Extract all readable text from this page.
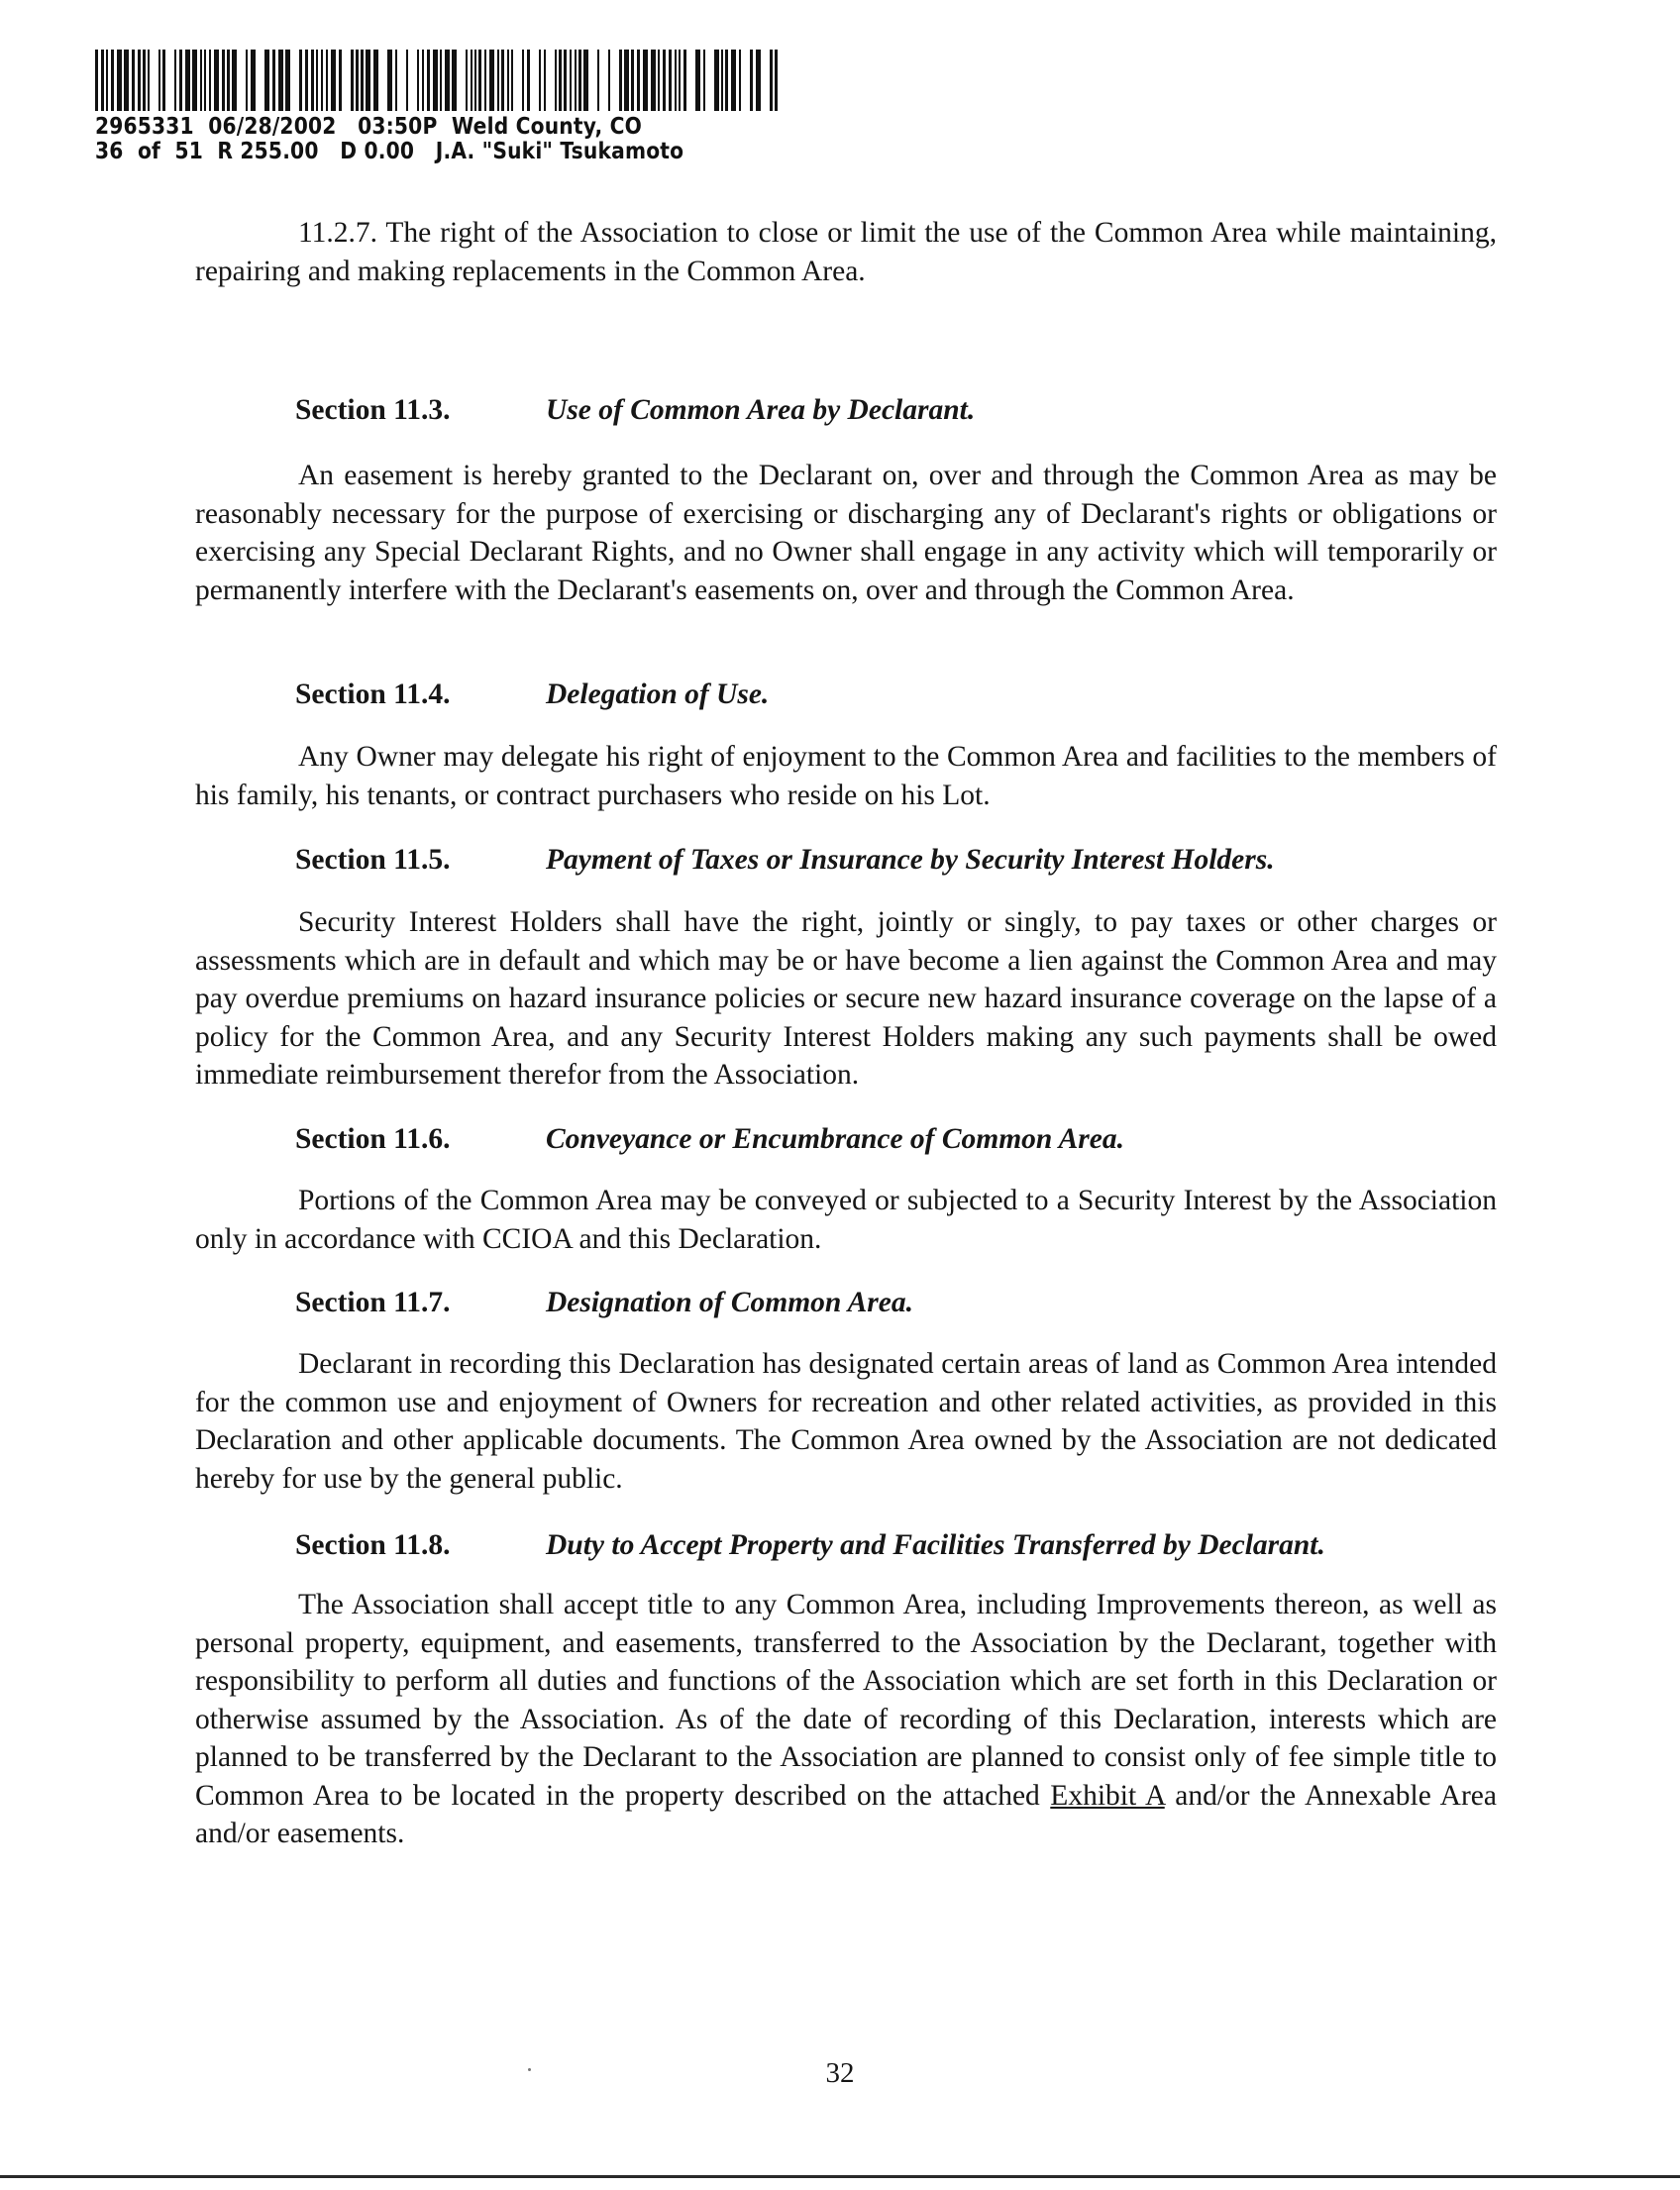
2965331  06/28/2002   03:50P  Weld County, CO
36  of  51  R 255.00   D 0.00   J.A. "Suki" Tsukamoto
11.2.7. The right of the Association to close or limit the use of the Common Area while maintaining, repairing and making replacements in the Common Area.
Section 11.3.	Use of Common Area by Declarant.
An easement is hereby granted to the Declarant on, over and through the Common Area as may be reasonably necessary for the purpose of exercising or discharging any of Declarant's rights or obligations or exercising any Special Declarant Rights, and no Owner shall engage in any activity which will temporarily or permanently interfere with the Declarant's easements on, over and through the Common Area.
Section 11.4.	Delegation of Use.
Any Owner may delegate his right of enjoyment to the Common Area and facilities to the members of his family, his tenants, or contract purchasers who reside on his Lot.
Section 11.5.	Payment of Taxes or Insurance by Security Interest Holders.
Security Interest Holders shall have the right, jointly or singly, to pay taxes or other charges or assessments which are in default and which may be or have become a lien against the Common Area and may pay overdue premiums on hazard insurance policies or secure new hazard insurance coverage on the lapse of a policy for the Common Area, and any Security Interest Holders making any such payments shall be owed immediate reimbursement therefor from the Association.
Section 11.6.	Conveyance or Encumbrance of Common Area.
Portions of the Common Area may be conveyed or subjected to a Security Interest by the Association only in accordance with CCIOA and this Declaration.
Section 11.7.	Designation of Common Area.
Declarant in recording this Declaration has designated certain areas of land as Common Area intended for the common use and enjoyment of Owners for recreation and other related activities, as provided in this Declaration and other applicable documents. The Common Area owned by the Association are not dedicated hereby for use by the general public.
Section 11.8.	Duty to Accept Property and Facilities Transferred by Declarant.
The Association shall accept title to any Common Area, including Improvements thereon, as well as personal property, equipment, and easements, transferred to the Association by the Declarant, together with responsibility to perform all duties and functions of the Association which are set forth in this Declaration or otherwise assumed by the Association. As of the date of recording of this Declaration, interests which are planned to be transferred by the Declarant to the Association are planned to consist only of fee simple title to Common Area to be located in the property described on the attached Exhibit A and/or the Annexable Area and/or easements.
32
